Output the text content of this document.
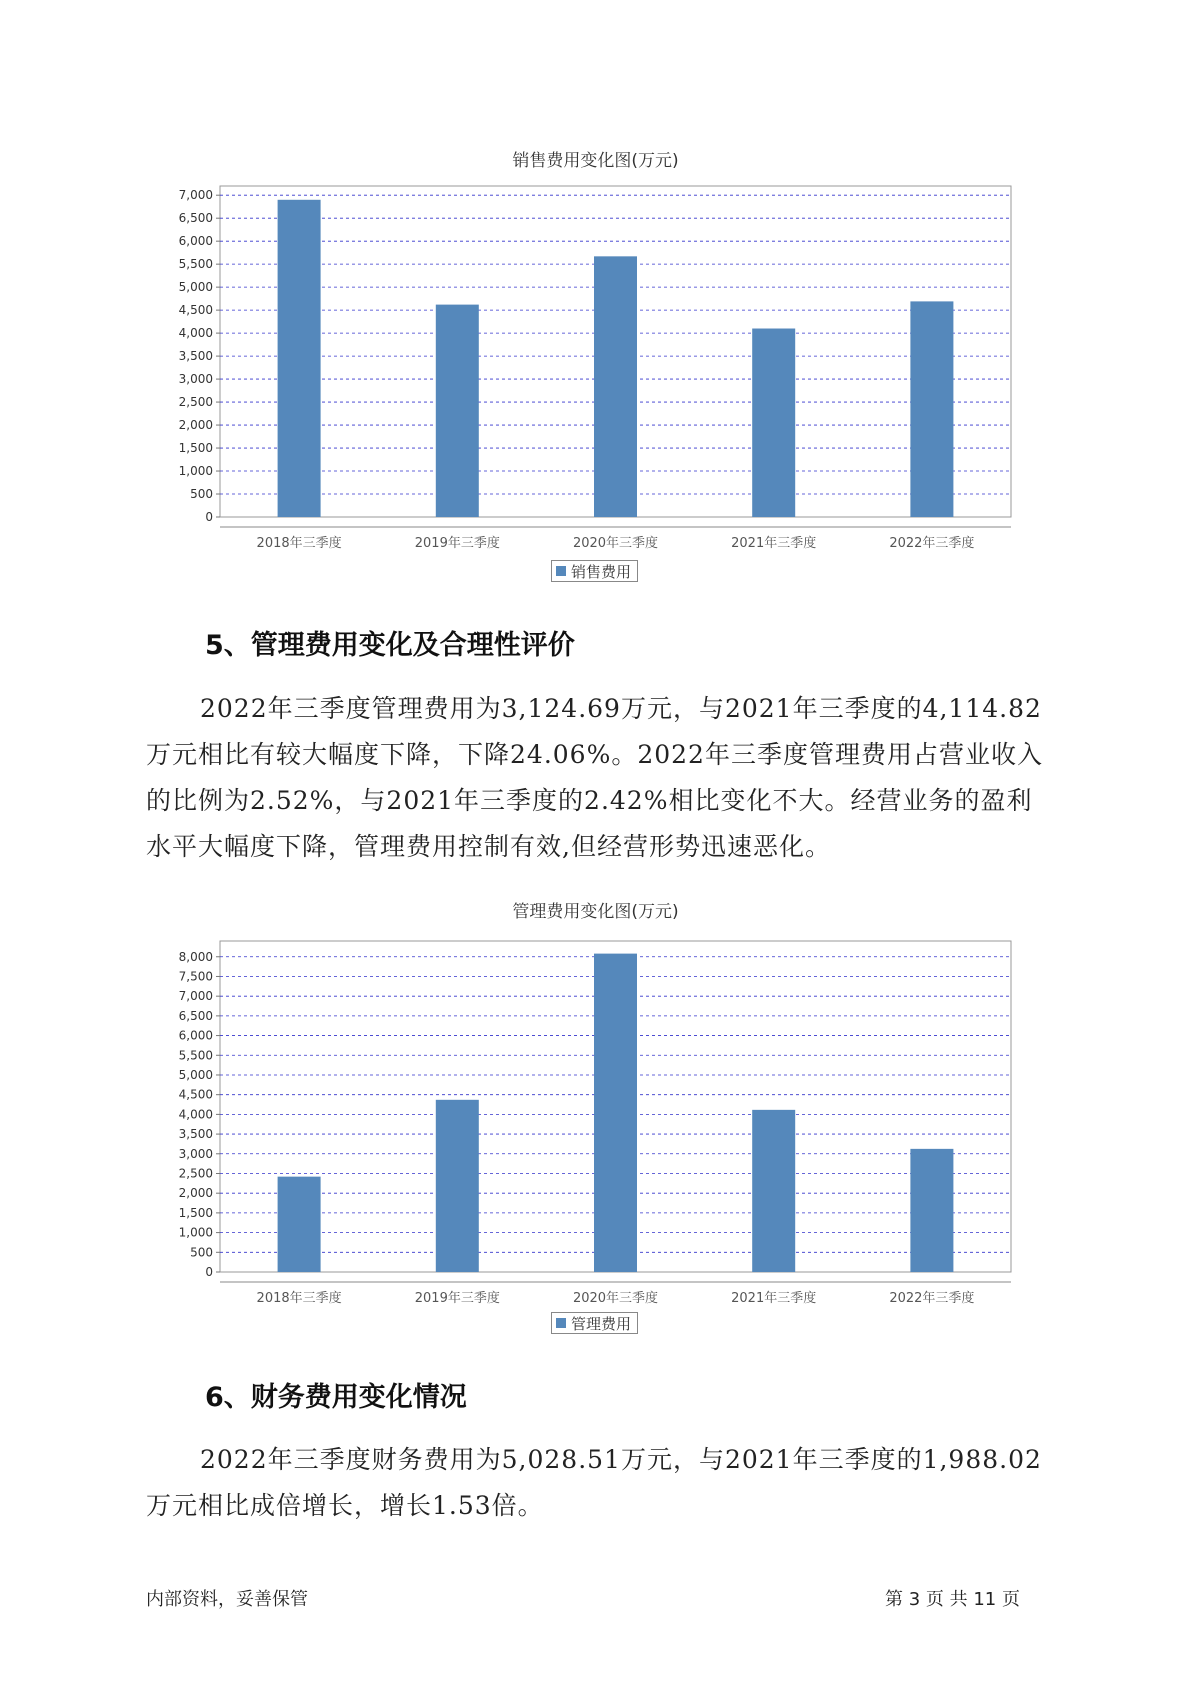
销售费用变化图(万元)
0
500
1,000
1,500
2,000
2,500
3,000
3,500
4,000
4,500
5,000
5,500
6,000
6,500
7,000
2018年三季度	2019年三季度	2020年三季度	2021年三季度	2022年三季度
销售费用
5、管理费用变化及合理性评价

2022年三季度管理费用为3,124.69万元，与2021年三季度的4,114.82万元相比有较大幅度下降，下降24.06%。2022年三季度管理费用占营业收入的比例为2.52%，与2021年三季度的2.42%相比变化不大。经营业务的盈利水平大幅度下降，管理费用控制有效,但经营形势迅速恶化。

管理费用变化图(万元)
0
500
1,000
1,500
2,000
2,500
3,000
3,500
4,000
4,500
5,000
5,500
6,000
6,500
7,000
7,500
8,000
2018年三季度	2019年三季度	2020年三季度	2021年三季度	2022年三季度
管理费用
6、财务费用变化情况

2022年三季度财务费用为5,028.51万元，与2021年三季度的1,988.02万元相比成倍增长，增长1.53倍。

内部资料，妥善保管	第 3 页 共 11 页
